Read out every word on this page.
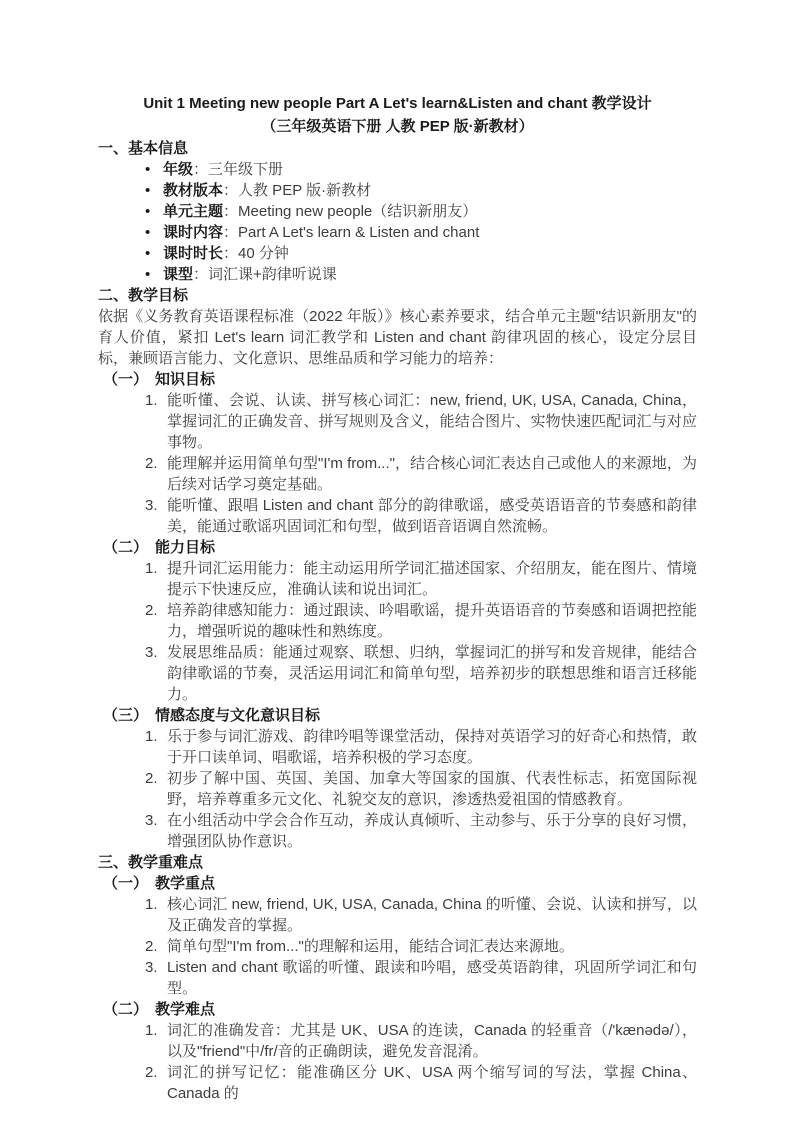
Unit 1 Meeting new people Part A Let's learn&Listen and chant 教学设计
（三年级英语下册 人教 PEP 版·新教材）
一、基本信息
• 年级：三年级下册
• 教材版本：人教 PEP 版·新教材
• 单元主题：Meeting new people（结识新朋友）
• 课时内容：Part A Let's learn & Listen and chant
• 课时时长：40 分钟
• 课型：词汇课+韵律听说课
二、教学目标
依据《义务教育英语课程标准（2022 年版）》核心素养要求，结合单元主题"结识新朋友"的育人价值，紧扣 Let's learn 词汇教学和 Listen and chant 韵律巩固的核心，设定分层目标，兼顾语言能力、文化意识、思维品质和学习能力的培养：
（一） 知识目标
1. 能听懂、会说、认读、拼写核心词汇：new, friend, UK, USA, Canada, China，掌握词汇的正确发音、拼写规则及含义，能结合图片、实物快速匹配词汇与对应事物。
2. 能理解并运用简单句型"I'm from..."，结合核心词汇表达自己或他人的来源地，为后续对话学习奠定基础。
3. 能听懂、跟唱 Listen and chant 部分的韵律歌谣，感受英语语音的节奏感和韵律美，能通过歌谣巩固词汇和句型，做到语音语调自然流畅。
（二） 能力目标
1. 提升词汇运用能力：能主动运用所学词汇描述国家、介绍朋友，能在图片、情境提示下快速反应，准确认读和说出词汇。
2. 培养韵律感知能力：通过跟读、吟唱歌谣，提升英语语音的节奏感和语调把控能力，增强听说的趣味性和熟练度。
3. 发展思维品质：能通过观察、联想、归纳，掌握词汇的拼写和发音规律，能结合韵律歌谣的节奏，灵活运用词汇和简单句型，培养初步的联想思维和语言迁移能力。
（三） 情感态度与文化意识目标
1. 乐于参与词汇游戏、韵律吟唱等课堂活动，保持对英语学习的好奇心和热情，敢于开口读单词、唱歌谣，培养积极的学习态度。
2. 初步了解中国、英国、美国、加拿大等国家的国旗、代表性标志，拓宽国际视野，培养尊重多元文化、礼貌交友的意识，渗透热爱祖国的情感教育。
3. 在小组活动中学会合作互动，养成认真倾听、主动参与、乐于分享的良好习惯，增强团队协作意识。
三、教学重难点
（一） 教学重点
1. 核心词汇 new, friend, UK, USA, Canada, China 的听懂、会说、认读和拼写，以及正确发音的掌握。
2. 简单句型"I'm from..."的理解和运用，能结合词汇表达来源地。
3. Listen and chant 歌谣的听懂、跟读和吟唱，感受英语韵律，巩固所学词汇和句型。
（二） 教学难点
1. 词汇的准确发音：尤其是 UK、USA 的连读，Canada 的轻重音（/'kænədə/），以及"friend"中/fr/音的正确朗读，避免发音混淆。
2. 词汇的拼写记忆：能准确区分 UK、USA 两个缩写词的写法，掌握 China、Canada 的
